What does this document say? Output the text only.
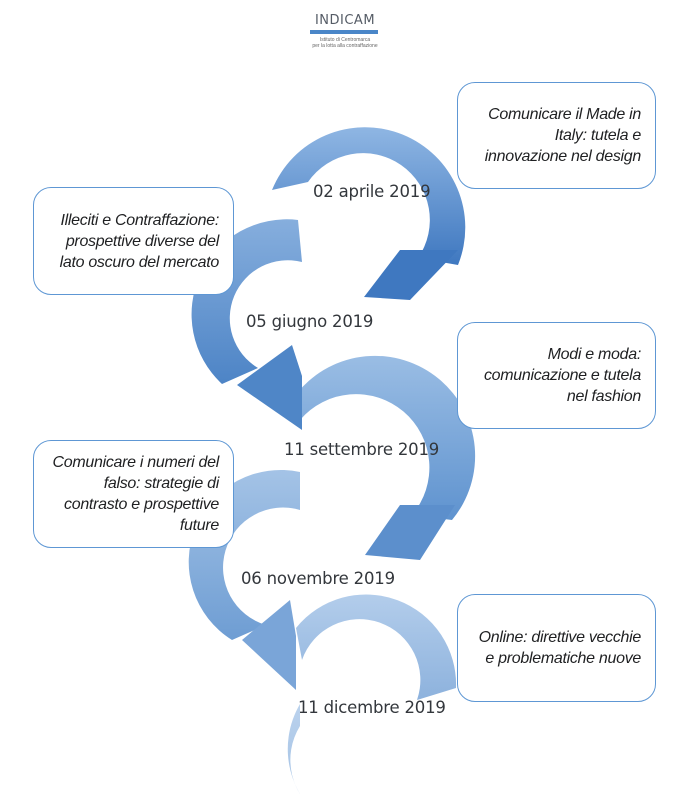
INDICAM
Istituto di Centromarca
per la lotta alla contraffazione
Comunicare il Made in Italy: tutela e innovazione nel design
Illeciti e Contraffazione: prospettive diverse del lato oscuro del mercato
Modi e moda: comunicazione e tutela nel fashion
Comunicare i numeri del falso: strategie di contrasto e prospettive future
Online: direttive vecchie e problematiche nuove
02 aprile 2019
05 giugno 2019
11 settembre 2019
06 novembre 2019
11 dicembre 2019
